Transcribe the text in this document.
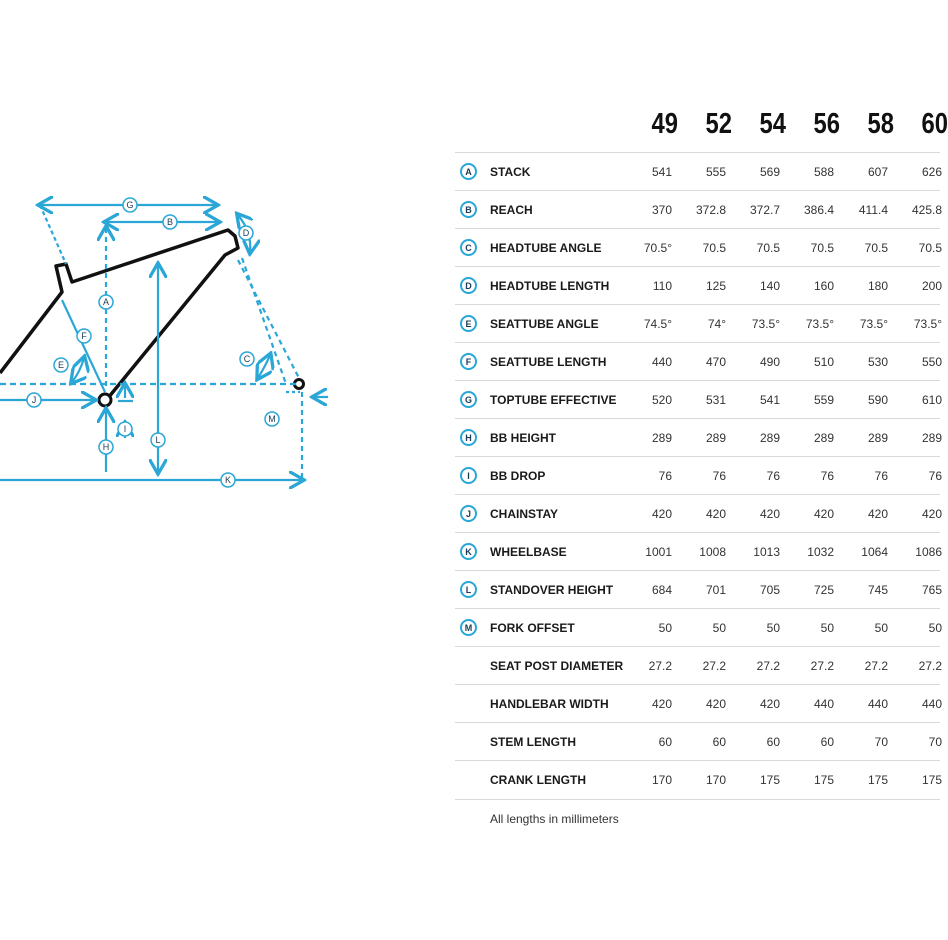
G
B
D
A
F
E
C
J
I
M
L
H
K
49 52 54 56 58 60
A	STACK	541	555	569	588	607	626
B	REACH	370	372.8	372.7	386.4	411.4	425.8
C	HEADTUBE ANGLE	70.5°	70.5	70.5	70.5	70.5	70.5
D	HEADTUBE LENGTH	110	125	140	160	180	200
E	SEATTUBE ANGLE	74.5°	74°	73.5°	73.5°	73.5°	73.5°
F	SEATTUBE LENGTH	440	470	490	510	530	550
G	TOPTUBE EFFECTIVE	520	531	541	559	590	610
H	BB HEIGHT	289	289	289	289	289	289
I	BB DROP	76	76	76	76	76	76
J	CHAINSTAY	420	420	420	420	420	420
K	WHEELBASE	1001	1008	1013	1032	1064	1086
L	STANDOVER HEIGHT	684	701	705	725	745	765
M	FORK OFFSET	50	50	50	50	50	50
SEAT POST DIAMETER	27.2	27.2	27.2	27.2	27.2	27.2
HANDLEBAR WIDTH	420	420	420	440	440	440
STEM LENGTH	60	60	60	60	70	70
CRANK LENGTH	170	170	175	175	175	175
All lengths in millimeters
